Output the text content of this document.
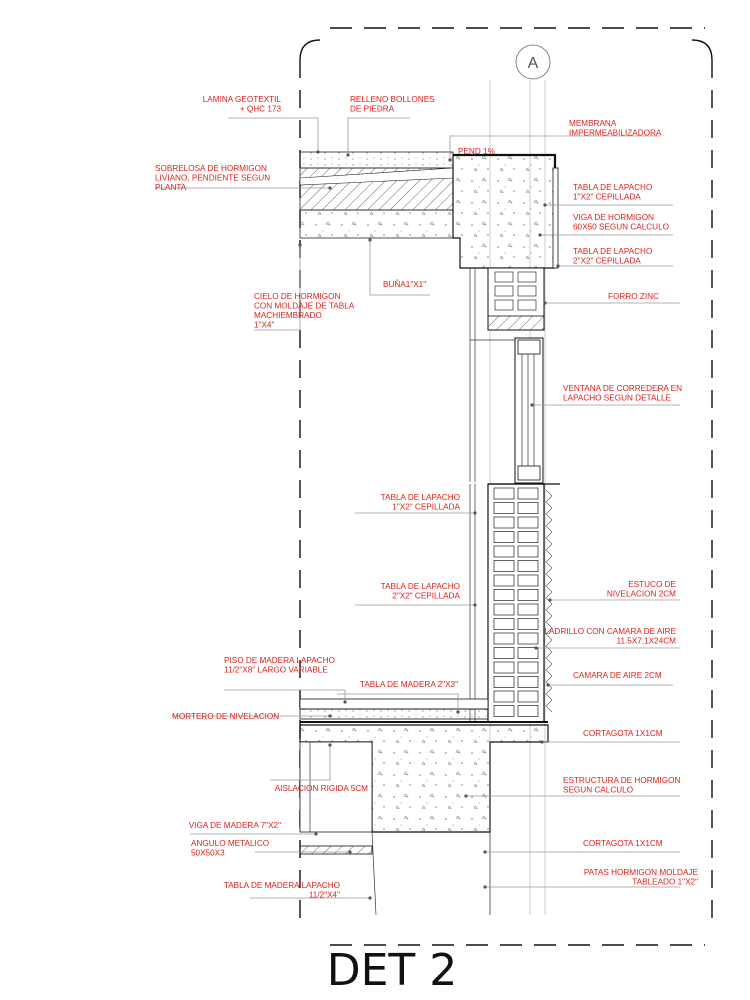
A
LAMINA GEOTEXTIL + QHC 173
RELLENO BOLLONES DE PIEDRA
MEMBRANA IMPERMEABILIZADORA
PEND 1%
SOBRELOSA DE HORMIGON LIVIANO, PENDIENTE SEGUN PLANTA	TABLA DE LAPACHO 1"X2" CEPILLADA
VIGA DE HORMIGON 60X50 SEGUN CALCULO
TABLA DE LAPACHO 2"X2" CEPILLADA
BUÑA1"X1"
FORRO ZINC
CIELO DE HORMIGON CON MOLDAJE DE TABLA MACHIEMBRADO 1"X4"
VENTANA DE CORREDERA EN LAPACHO SEGUN DETALLE
TABLA DE LAPACHO 1"X2" CEPILLADA
TABLA DE LAPACHO 2"X2" CEPILLADA
ESTUCO DE NIVELACION 2CM
LADRILLO CON CAMARA DE AIRE 11.5X7.1X24CM
PISO DE MADERA LAPACHO 11/2"X8" LARGO VARIABLE
CAMARA DE AIRE 2CM
TABLA DE MADERA 2"X3"
MORTERO DE NIVELACION
CORTAGOTA 1X1CM
AISLACION RIGIDA 5CM
ESTRUCTURA DE HORMIGON SEGUN CALCULO
VIGA DE MADERA 7"X2"
ANGULO METALICO 50X50X3
CORTAGOTA 1X1CM
TABLA DE MADERA LAPACHO 11/2"X4"
PATAS HORMIGON MOLDAJE TABLEADO 1"X2"
DET 2
